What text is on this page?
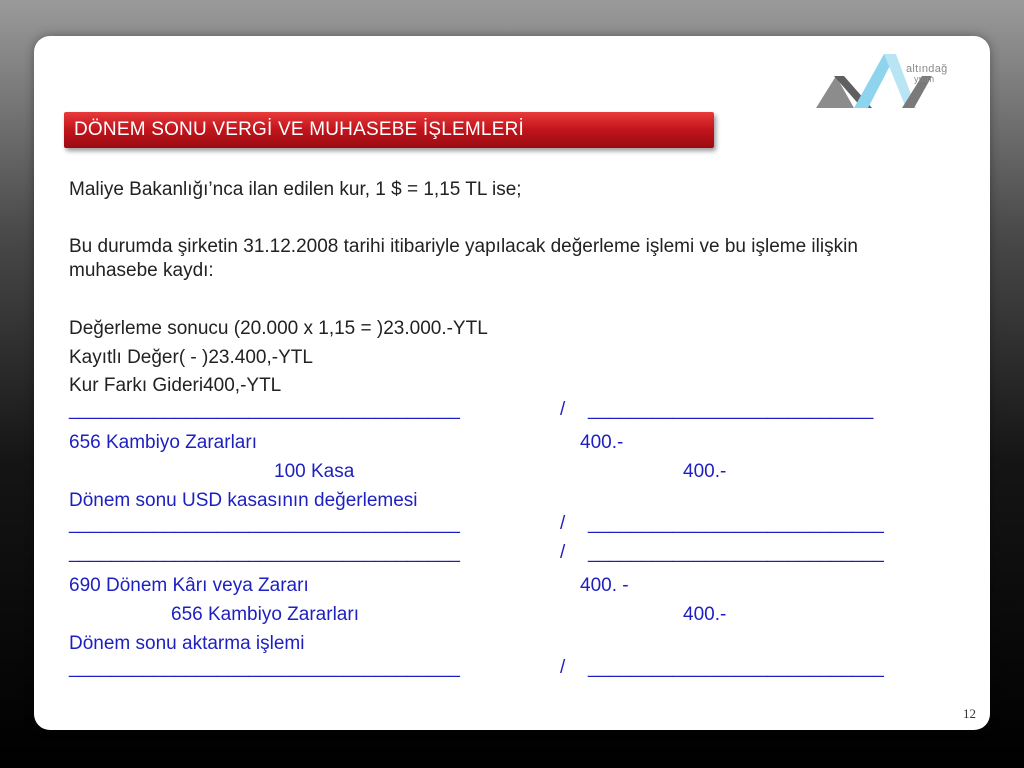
altındağ
ymm
DÖNEM SONU VERGİ VE MUHASEBE İŞLEMLERİ
Maliye Bakanlığı’nca ilan edilen kur, 1 $ = 1,15 TL ise;
Bu durumda şirketin 31.12.2008 tarihi itibariyle yapılacak değerleme işlemi ve bu işleme ilişkin muhasebe kaydı:
Değerleme sonucu (20.000 x 1,15 = )23.000.-YTL
Kayıtlı Değer( - )23.400,-YTL
Kur Farkı Gideri400,-YTL
_____________________________________	/ ___________________________
656 Kambiyo Zararları	400.-
100 Kasa	400.-
Dönem sonu USD kasasının değerlemesi
_____________________________________	/ ____________________________
_____________________________________	/ ____________________________
690 Dönem Kârı veya Zararı	400. -
656 Kambiyo Zararları	400.-
Dönem sonu aktarma işlemi
_____________________________________	/ ____________________________
12
